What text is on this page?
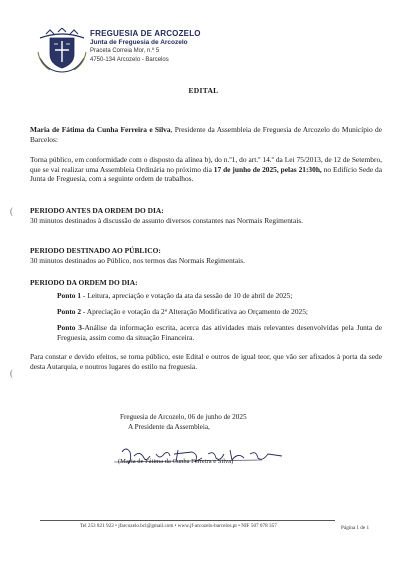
FREGUESIA DE ARCOZELO
Junta de Freguesia de Arcozelo
Praceta Correia Mor, n.º 5
4750-134 Arcozelo - Barcelos
EDITAL
Maria de Fátima da Cunha Ferreira e Silva, Presidente da Assembleia de Freguesia de Arcozelo do Município de Barcelos:
Torna público, em conformidade com o disposto da alínea b), do n.º1, do art.º 14.º da Lei 75/2013, de 12 de Setembro, que se vai realizar uma Assembleia Ordinária no próximo dia 17 de junho de 2025, pelas 21:30h, no Edifício Sede da Junta de Freguesia, com a seguinte ordem de trabalhos.
PERIODO ANTES DA ORDEM DO DIA:
30 minutos destinados à discussão de assunto diversos constantes nas Normais Regimentais.
PERIODO DESTINADO AO PÚBLICO:
30 minutos destinados ao Público, nos termos das Normais Regimentais.
PERIODO DA ORDEM DO DIA:
Ponto 1 - Leitura, apreciação e votação da ata da sessão de 10 de abril de 2025;
Ponto 2 - Apreciação e votação da 2ª Alteração Modificativa ao Orçamento de 2025;
Ponto 3-Análise da informação escrita, acerca das atividades mais relevantes desenvolvidas pela Junta de Freguesia, assim como da situação Financeira.
Para constar e devido efeitos, se torna público, este Edital e outros de igual teor, que vão ser afixados à porta da sede desta Autarquia, e noutros lugares do estilo na freguesia.
Freguesia de Arcozelo, 06 de junho de 2025
A Presidente da Assembleia,
(Maria de Fátima da Cunha Ferreira e Silva)
(
(
Tel 253 821 922 • jfarcozelo.bcl@gmail.com • www.jf-arcozelo-barcelos.pt • NIF 507 078 357	Página 1 de 1
